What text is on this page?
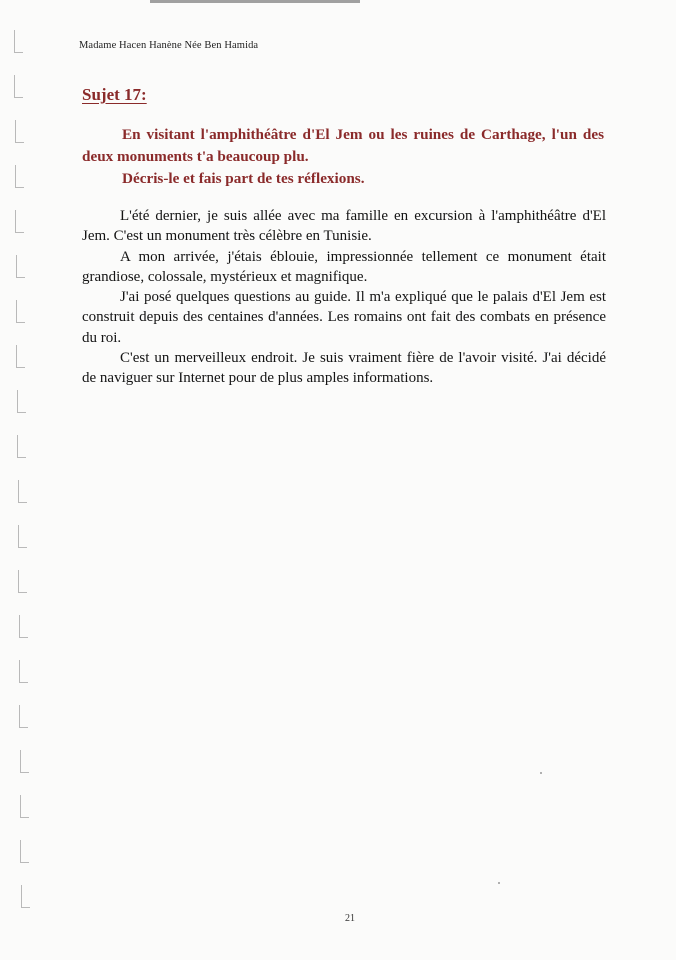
Madame Hacen Hanène Née Ben Hamida
Sujet 17:

En visitant l'amphithéâtre d'El Jem ou les ruines de Carthage, l'un des deux monuments t'a beaucoup plu.

Décris-le et fais part de tes réflexions.

L'été dernier, je suis allée avec ma famille en excursion à l'amphithéâtre d'El Jem. C'est un monument très célèbre en Tunisie.

A mon arrivée, j'étais éblouie, impressionnée tellement ce monument était grandiose, colossale, mystérieux et magnifique.

J'ai posé quelques questions au guide. Il m'a expliqué que le palais d'El Jem est construit depuis des centaines d'années. Les romains ont fait des combats en présence du roi.

C'est un merveilleux endroit. Je suis vraiment fière de l'avoir visité. J'ai décidé de naviguer sur Internet pour de plus amples informations.

21
